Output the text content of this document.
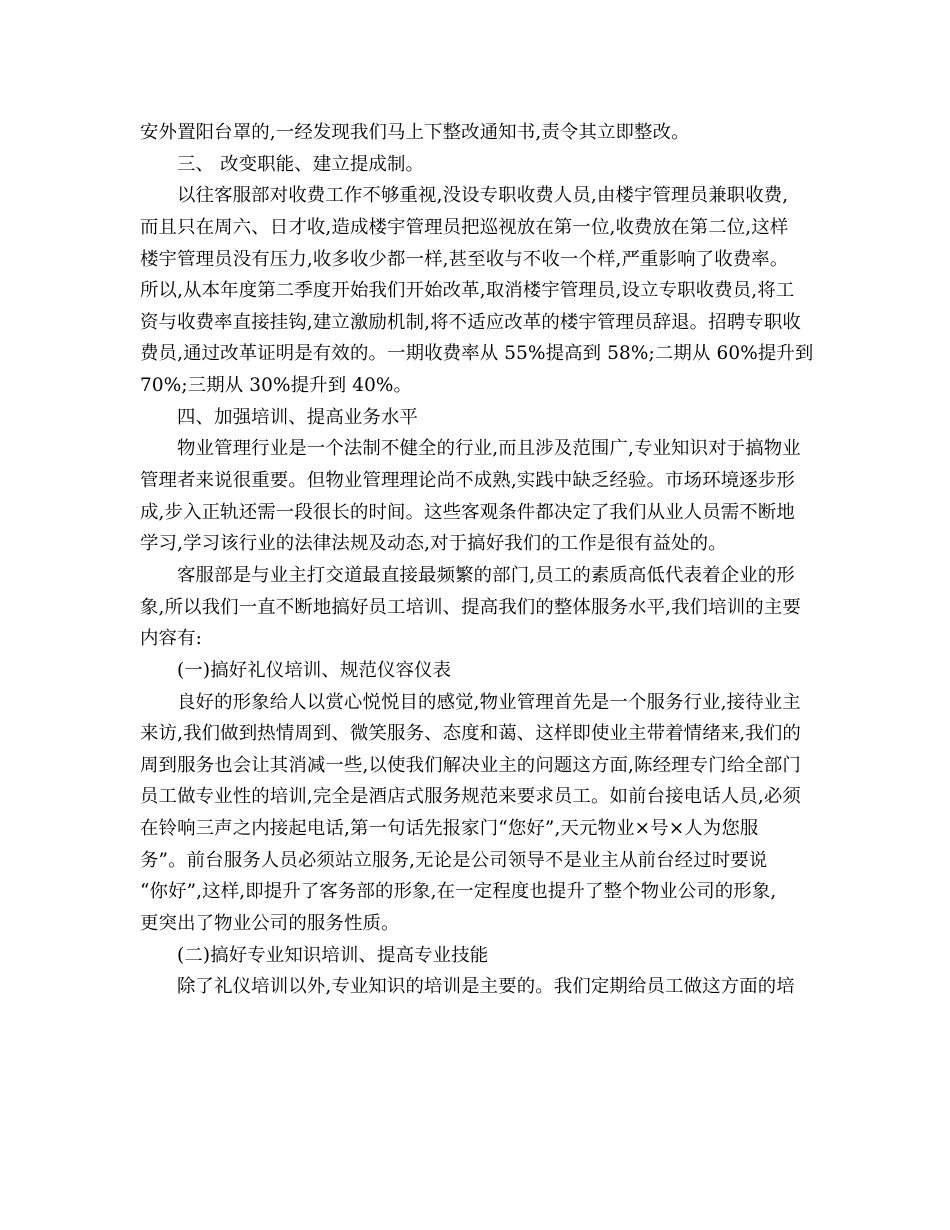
安外置阳台罩的,一经发现我们马上下整改通知书,责令其立即整改。
三、 改变职能、建立提成制。
以往客服部对收费工作不够重视,没设专职收费人员,由楼宇管理员兼职收费,
而且只在周六、日才收,造成楼宇管理员把巡视放在第一位,收费放在第二位,这样
楼宇管理员没有压力,收多收少都一样,甚至收与不收一个样,严重影响了收费率。
所以,从本年度第二季度开始我们开始改革,取消楼宇管理员,设立专职收费员,将工
资与收费率直接挂钩,建立激励机制,将不适应改革的楼宇管理员辞退。招聘专职收
费员,通过改革证明是有效的。一期收费率从 55%提高到 58%;二期从 60%提升到
70%;三期从 30%提升到 40%。
四、加强培训、提高业务水平
物业管理行业是一个法制不健全的行业,而且涉及范围广,专业知识对于搞物业
管理者来说很重要。但物业管理理论尚不成熟,实践中缺乏经验。市场环境逐步形
成,步入正轨还需一段很长的时间。这些客观条件都决定了我们从业人员需不断地
学习,学习该行业的法律法规及动态,对于搞好我们的工作是很有益处的。
客服部是与业主打交道最直接最频繁的部门,员工的素质高低代表着企业的形
象,所以我们一直不断地搞好员工培训、提高我们的整体服务水平,我们培训的主要
内容有:
(一)搞好礼仪培训、规范仪容仪表
良好的形象给人以赏心悦悦目的感觉,物业管理首先是一个服务行业,接待业主
来访,我们做到热情周到、微笑服务、态度和蔼、这样即使业主带着情绪来,我们的
周到服务也会让其消减一些,以使我们解决业主的问题这方面,陈经理专门给全部门
员工做专业性的培训,完全是酒店式服务规范来要求员工。如前台接电话人员,必须
在铃响三声之内接起电话,第一句话先报家门“您好”,天元物业×号×人为您服
务”。前台服务人员必须站立服务,无论是公司领导不是业主从前台经过时要说
“你好”,这样,即提升了客务部的形象,在一定程度也提升了整个物业公司的形象,
更突出了物业公司的服务性质。
(二)搞好专业知识培训、提高专业技能
除了礼仪培训以外,专业知识的培训是主要的。我们定期给员工做这方面的培
